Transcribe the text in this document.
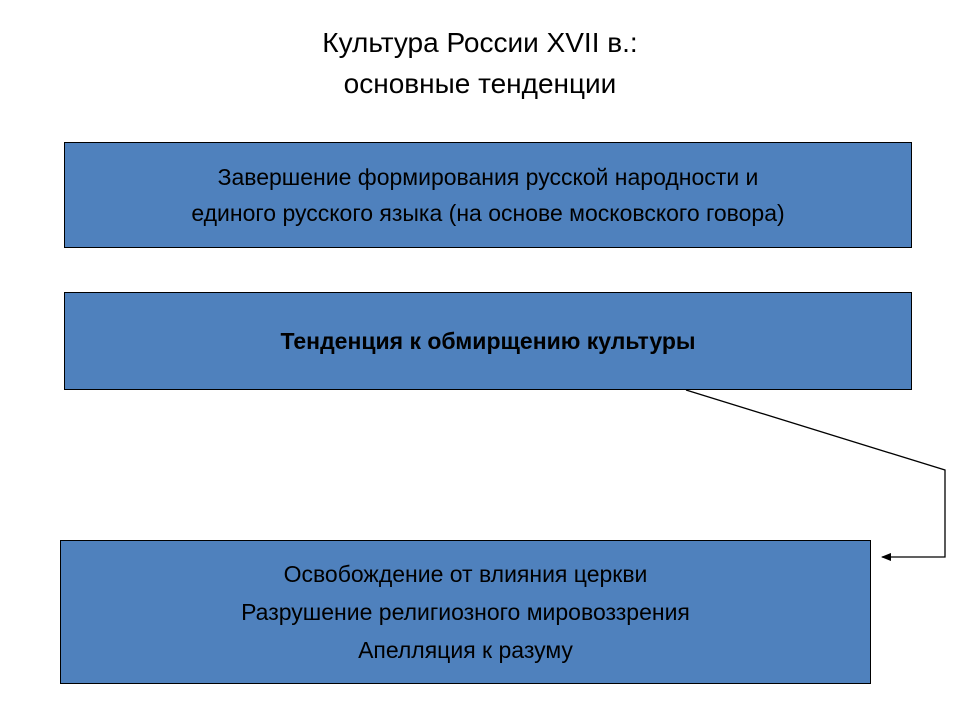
Культура России XVII в.:
основные тенденции
Завершение формирования русской народности и
единого русского языка (на основе московского говора)
Тенденция к обмирщению культуры
Освобождение от влияния церкви
Разрушение религиозного мировоззрения
Апелляция к разуму
